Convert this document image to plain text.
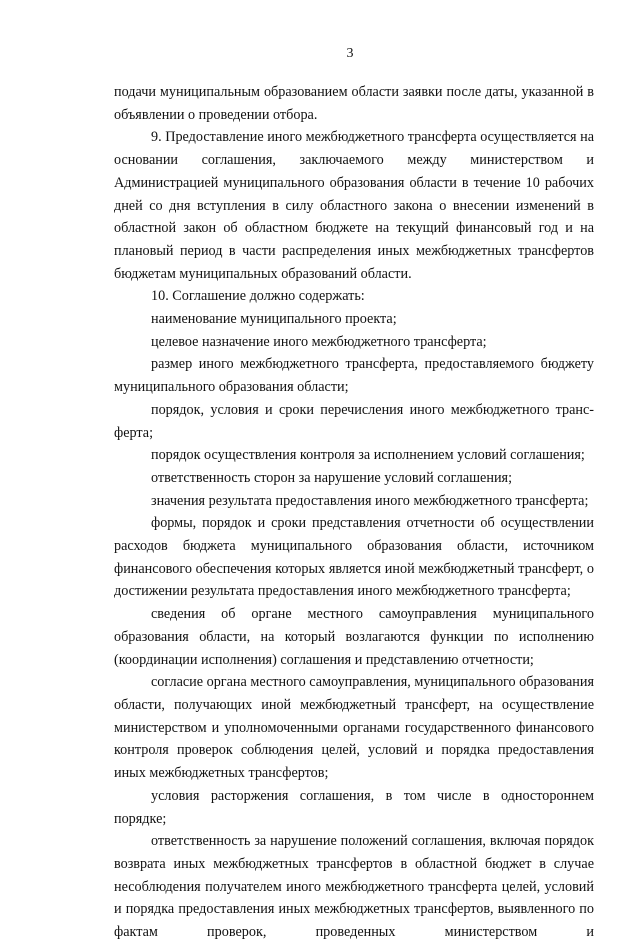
3

подачи муниципальным образованием области заявки после даты, указанной в объявлении о проведении отбора.

9. Предоставление иного межбюджетного трансферта осуществляется на основании соглашения, заключаемого между министерством и Администрацией муниципального образования области в течение 10 рабочих дней со дня вступления в силу областного закона о внесении изменений в областной закон об областном бюджете на текущий финансовый год и на плановый период в части распределения иных межбюджетных трансфертов бюджетам муниципальных образований области.

10. Соглашение должно содержать:

наименование муниципального проекта;

целевое назначение иного межбюджетного трансферта;

размер иного межбюджетного трансферта, предоставляемого бюджету муниципального образования области;

порядок, условия и сроки перечисления иного межбюджетного трансферта;

порядок осуществления контроля за исполнением условий соглашения;

ответственность сторон за нарушение условий соглашения;

значения результата предоставления иного межбюджетного трансферта;

формы, порядок и сроки представления отчетности об осуществлении расходов бюджета муниципального образования области, источником финансового обеспечения которых является иной межбюджетный трансферт, о достижении результата предоставления иного межбюджетного трансферта;

сведения об органе местного самоуправления муниципального образования области, на который возлагаются функции по исполнению (координации исполнения) соглашения и представлению отчетности;

согласие органа местного самоуправления, муниципального образования области, получающих иной межбюджетный трансферт, на осуществление министерством и уполномоченными органами государственного финансового контроля проверок соблюдения целей, условий и порядка предоставления иных межбюджетных трансфертов;

условия расторжения соглашения, в том числе в одностороннем порядке;

ответственность за нарушение положений соглашения, включая порядок возврата иных межбюджетных трансфертов в областной бюджет в случае несоблюдения получателем иного межбюджетного трансферта целей, условий и порядка предоставления иных межбюджетных трансфертов, выявленного по фактам проверок, проведенных министерством и
